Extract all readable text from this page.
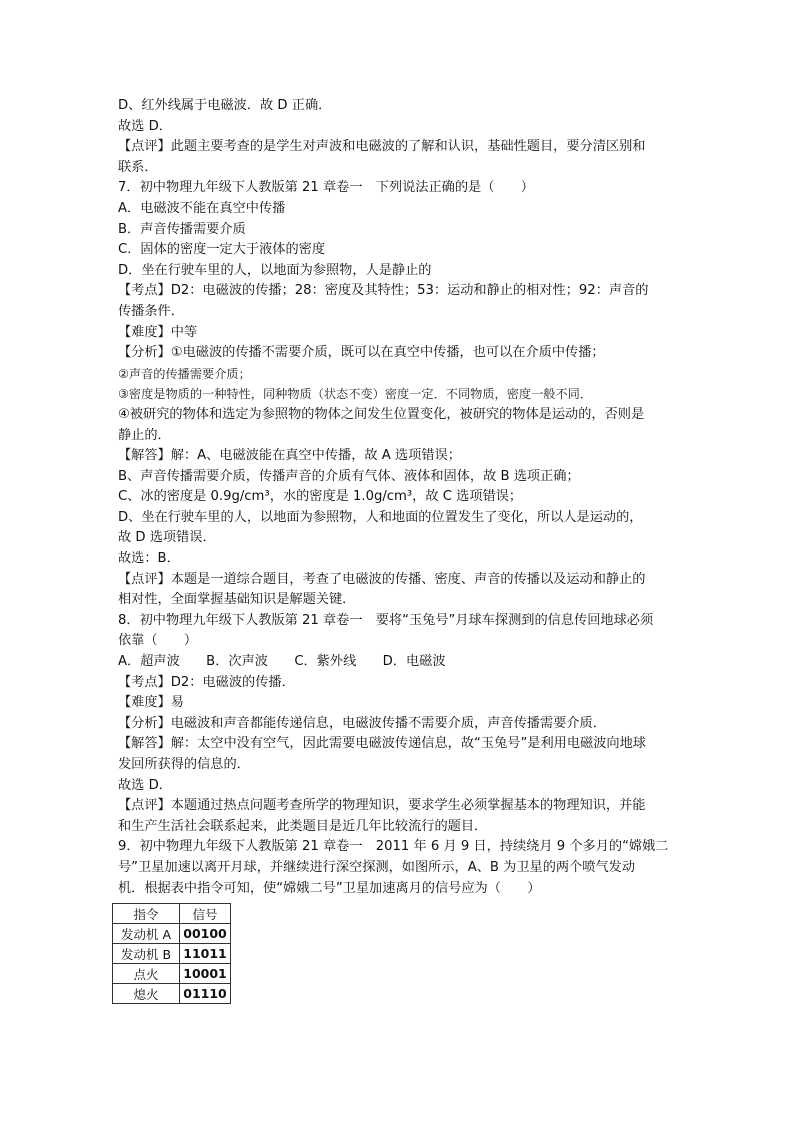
D、红外线属于电磁波．故 D 正确．
故选 D．
【点评】此题主要考查的是学生对声波和电磁波的了解和认识，基础性题目，要分清区别和
联系．
7．初中物理九年级下人教版第 21 章卷一　下列说法正确的是（　　）
A．电磁波不能在真空中传播
B．声音传播需要介质
C．固体的密度一定大于液体的密度
D．坐在行驶车里的人，以地面为参照物，人是静止的
【考点】D2：电磁波的传播；28：密度及其特性；53：运动和静止的相对性；92：声音的
传播条件．
【难度】中等
【分析】①电磁波的传播不需要介质，既可以在真空中传播，也可以在介质中传播；
②声音的传播需要介质；
③密度是物质的一种特性，同种物质（状态不变）密度一定．不同物质，密度一般不同．
④被研究的物体和选定为参照物的物体之间发生位置变化，被研究的物体是运动的，否则是
静止的．
【解答】解：A、电磁波能在真空中传播，故 A 选项错误；
B、声音传播需要介质，传播声音的介质有气体、液体和固体，故 B 选项正确；
C、冰的密度是 0.9g/cm³，水的密度是 1.0g/cm³，故 C 选项错误；
D、坐在行驶车里的人，以地面为参照物，人和地面的位置发生了变化，所以人是运动的，
故 D 选项错误．
故选：B．
【点评】本题是一道综合题目，考查了电磁波的传播、密度、声音的传播以及运动和静止的
相对性，全面掌握基础知识是解题关键．
8．初中物理九年级下人教版第 21 章卷一　要将“玉兔号”月球车探测到的信息传回地球必须
依靠（　　）
A．超声波　　B．次声波　　C．紫外线　　D．电磁波
【考点】D2：电磁波的传播．
【难度】易
【分析】电磁波和声音都能传递信息，电磁波传播不需要介质，声音传播需要介质．
【解答】解：太空中没有空气，因此需要电磁波传递信息，故“玉兔号”是利用电磁波向地球
发回所获得的信息的．
故选 D．
【点评】本题通过热点问题考查所学的物理知识，要求学生必须掌握基本的物理知识，并能
和生产生活社会联系起来，此类题目是近几年比较流行的题目．
9．初中物理九年级下人教版第 21 章卷一　2011 年 6 月 9 日，持续绕月 9 个多月的“嫦娥二
号”卫星加速以离开月球，并继续进行深空探测，如图所示，A、B 为卫星的两个喷气发动
机．根据表中指令可知，使“嫦娥二号”卫星加速离月的信号应为（　　）
指令	信号
发动机 A	00100
发动机 B	11011
点火	10001
熄火	01110
